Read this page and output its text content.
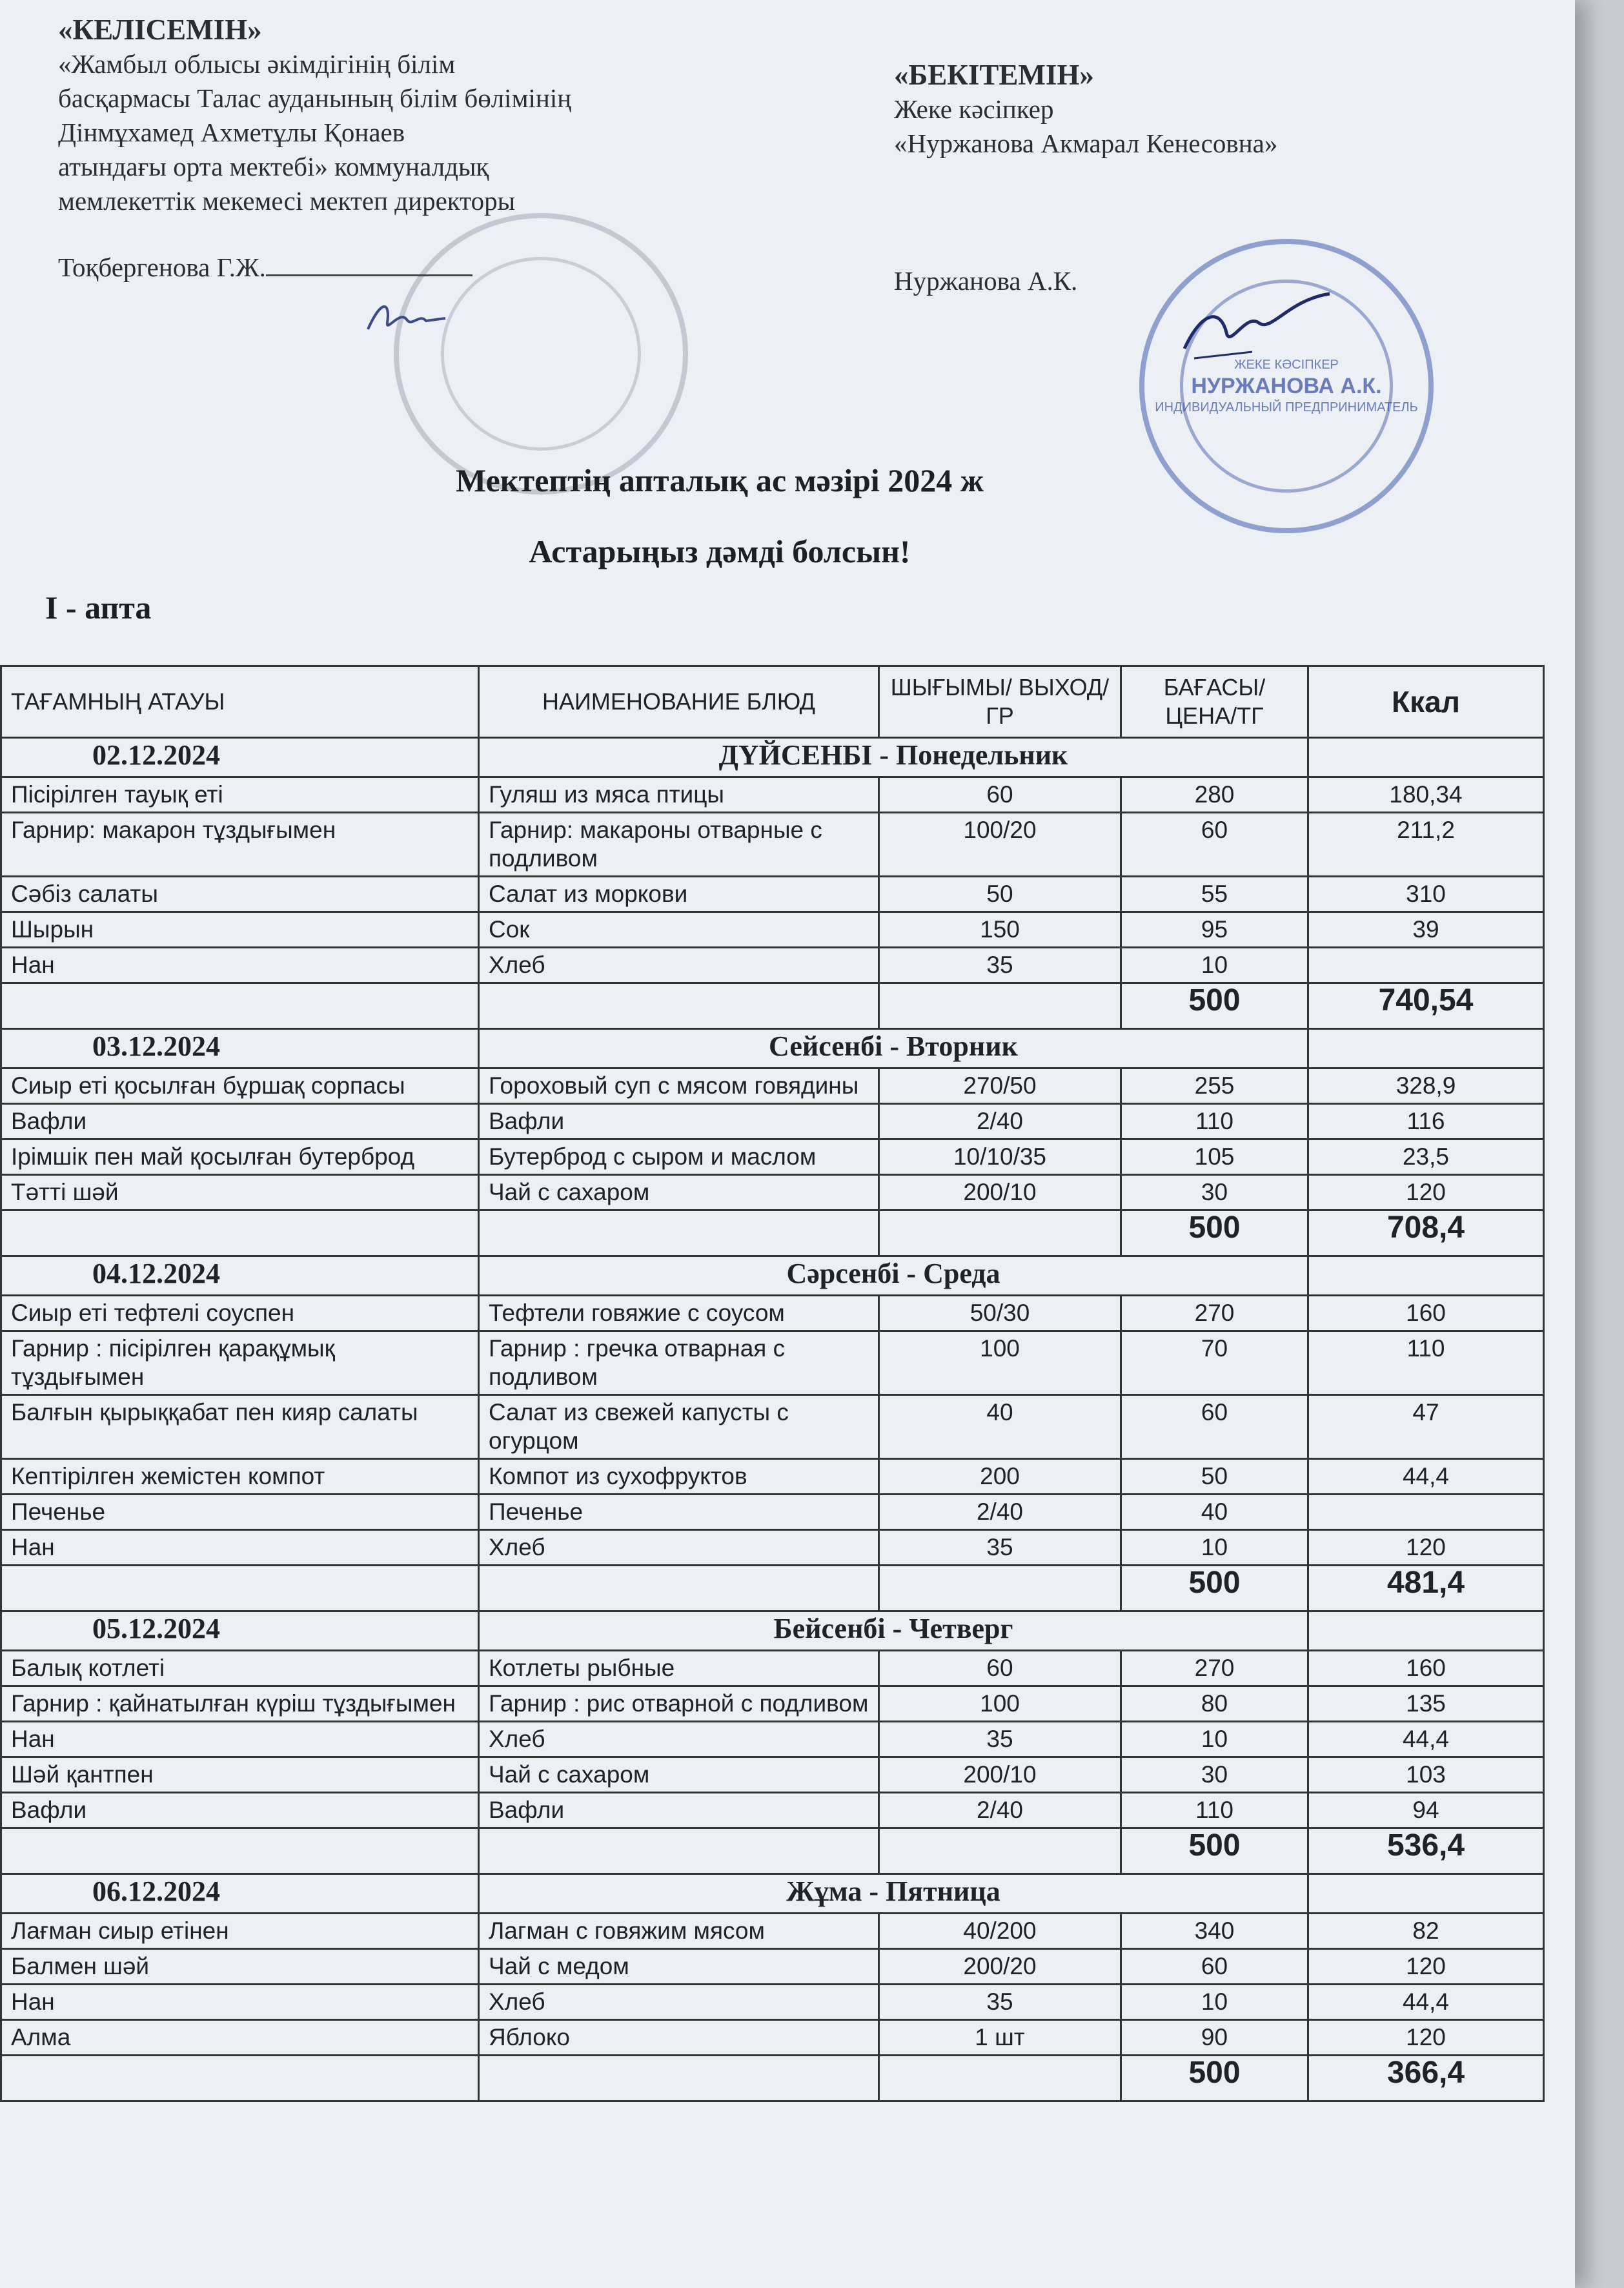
«КЕЛІСЕМІН»
«Жамбыл облысы әкімдігінің білім
басқармасы Талас ауданының білім бөлімінің
Дінмұхамед Ахметұлы Қонаев
атындағы орта мектебі» коммуналдық
мемлекеттік мекемесі мектеп директоры
Тоқбергенова Г.Ж.
«БЕКІТЕМІН»
Жеке кәсіпкер
«Нуржанова Акмарал Кенесовна»
Нуржанова А.К.
ЖЕКЕ КӘСІПКЕР
НУРЖАНОВА А.К.
ИНДИВИДУАЛЬНЫЙ ПРЕДПРИНИМАТЕЛЬ
Мектептің апталық ас мәзірі 2024 ж
Астарыңыз дәмді болсын!
I - апта
ТАҒАМНЫҢ АТАУЫ	НАИМЕНОВАНИЕ БЛЮД	ШЫҒЫМЫ/ ВЫХОД/ГР	БАҒАСЫ/ ЦЕНА/ТГ	Ккал
02.12.2024	ДҮЙСЕНБІ - Понедельник			
Пісірілген тауық еті	Гуляш из мяса птицы	60	280	180,34
Гарнир: макарон тұздығымен	Гарнир: макароны отварные с подливом	100/20	60	211,2
Сәбіз салаты	Салат из моркови	50	55	310
Шырын	Сок	150	95	39
Нан	Хлеб	35	10	
			500	740,54
03.12.2024	Сейсенбі - Вторник			
Сиыр еті қосылған бұршақ сорпасы	Гороховый суп с мясом говядины	270/50	255	328,9
Вафли	Вафли	2/40	110	116
Ірімшік пен май қосылған бутерброд	Бутерброд с сыром и маслом	10/10/35	105	23,5
Тәтті шәй	Чай с сахаром	200/10	30	120
			500	708,4
04.12.2024	Сәрсенбі - Среда			
Сиыр еті тефтелі соуспен	Тефтели говяжие с соусом	50/30	270	160
Гарнир : пісірілген қарақұмық тұздығымен	Гарнир : гречка отварная с подливом	100	70	110
Балғын қырыққабат пен кияр салаты	Салат из свежей капусты с огурцом	40	60	47
Кептірілген жемістен компот	Компот из сухофруктов	200	50	44,4
Печенье	Печенье	2/40	40	
Нан	Хлеб	35	10	120
			500	481,4
05.12.2024	Бейсенбі - Четверг			
Балық котлеті	Котлеты рыбные	60	270	160
Гарнир : қайнатылған күріш тұздығымен	Гарнир : рис отварной с подливом	100	80	135
Нан	Хлеб	35	10	44,4
Шәй қантпен	Чай с сахаром	200/10	30	103
Вафли	Вафли	2/40	110	94
			500	536,4
06.12.2024	Жұма - Пятница			
Лағман сиыр етінен	Лагман с говяжим мясом	40/200	340	82
Балмен шәй	Чай с медом	200/20	60	120
Нан	Хлеб	35	10	44,4
Алма	Яблоко	1 шт	90	120
			500	366,4
